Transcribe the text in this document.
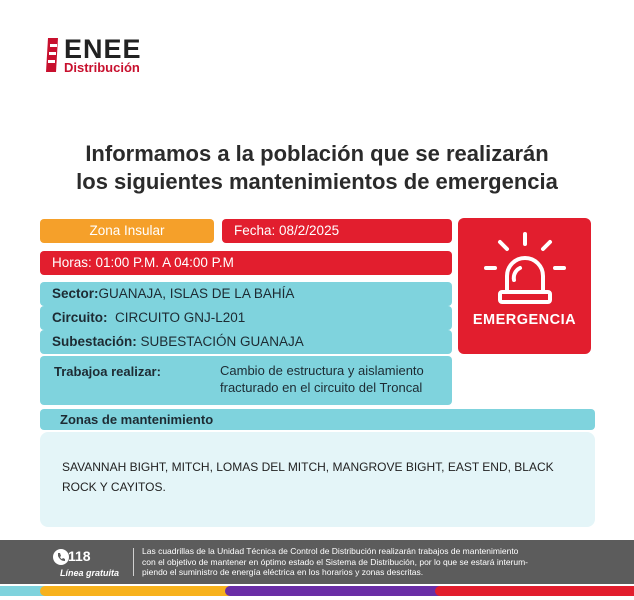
ENEE
Distribución
Informamos a la población que se realizarán
los siguientes mantenimientos de emergencia
Zona Insular	Fecha: 08/2/2025
Horas: 01:00 P.M. A 04:00 P.M
Sector:GUANAJA, ISLAS DE LA BAHÍA
Circuito: CIRCUITO GNJ-L201
Subestación: SUBESTACIÓN GUANAJA
Trabajoa realizar:	Cambio de estructura y aislamiento
fracturado en el circuito del Troncal
EMERGENCIA
Zonas de mantenimiento
SAVANNAH BIGHT, MITCH, LOMAS DEL MITCH, MANGROVE BIGHT, EAST END, BLACK
ROCK Y CAYITOS.
118
Línea gratuita
Las cuadrillas de la Unidad Técnica de Control de Distribución realizarán trabajos de mantenimiento
con el objetivo de mantener en óptimo estado el Sistema de Distribución, por lo que se estará interum-
piendo el suministro de energía eléctrica en los horarios y zonas descritas.
